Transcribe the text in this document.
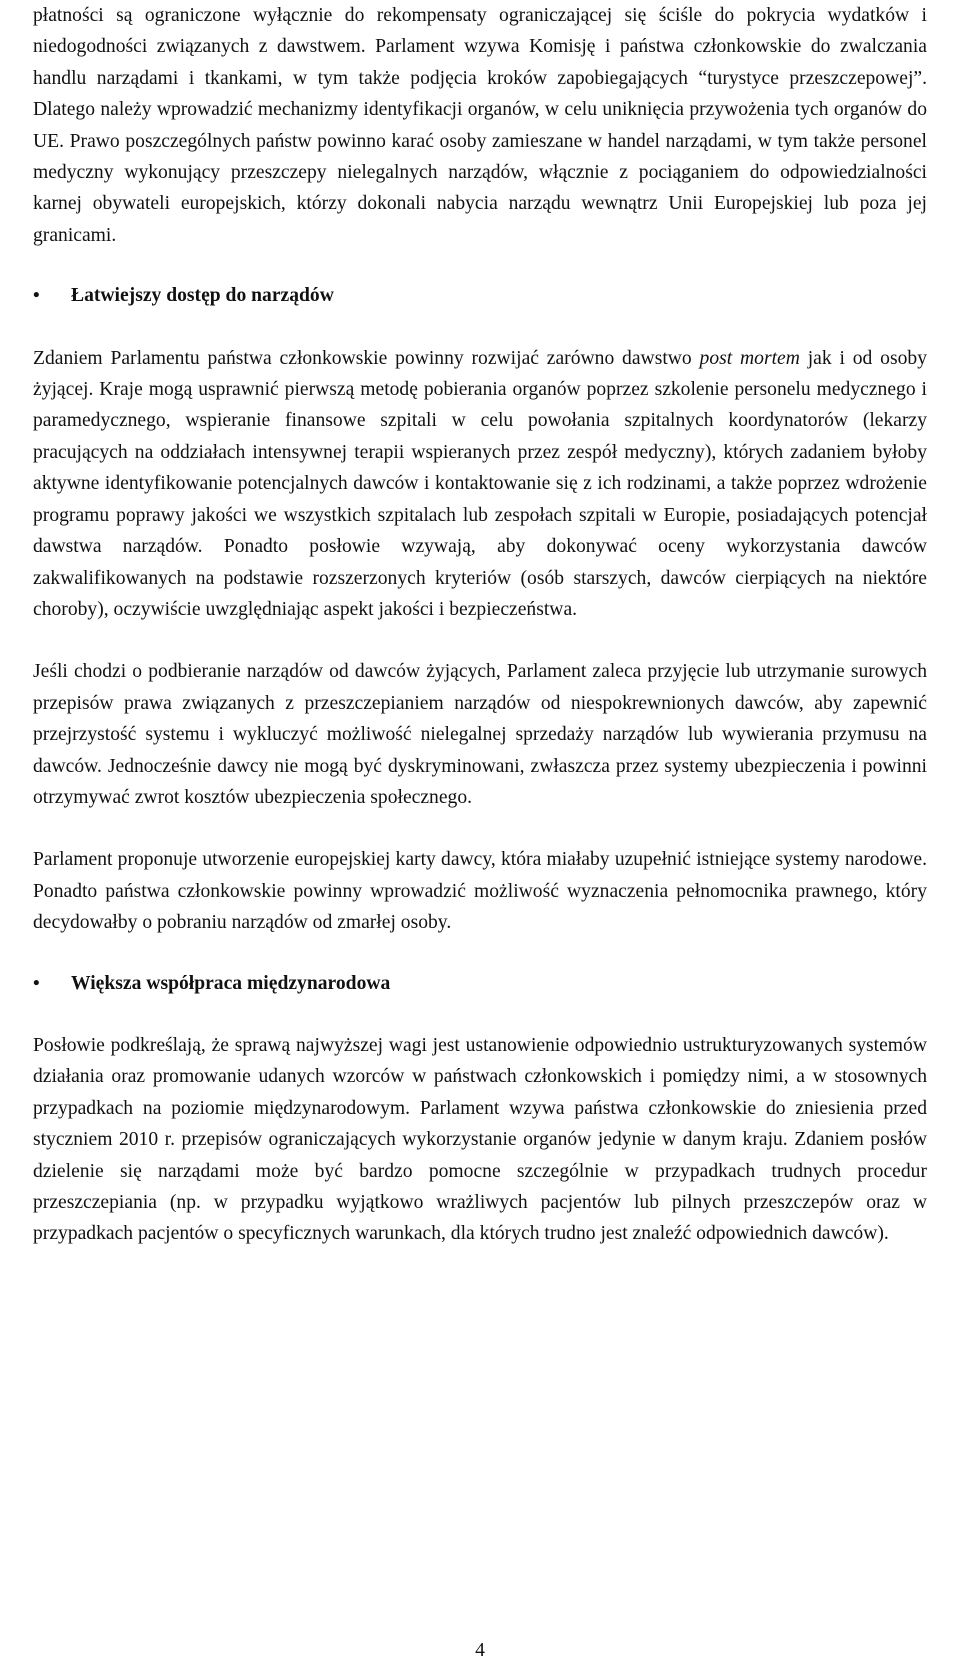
płatności są ograniczone wyłącznie do rekompensaty ograniczającej się ściśle do pokrycia wydatków i niedogodności związanych z dawstwem. Parlament wzywa Komisję i państwa członkowskie do zwalczania handlu narządami i tkankami, w tym także podjęcia kroków zapobiegających “turystyce przeszczepowej”. Dlatego należy wprowadzić mechanizmy identyfikacji organów, w celu uniknięcia przywożenia tych organów do UE. Prawo poszczególnych państw powinno karać osoby zamieszane w handel narządami, w tym także personel medyczny wykonujący przeszczepy nielegalnych narządów, włącznie z pociąganiem do odpowiedzialności karnej obywateli europejskich, którzy dokonali nabycia narządu wewnątrz Unii Europejskiej lub poza jej granicami.

•	Łatwiejszy dostęp do narządów

Zdaniem Parlamentu państwa członkowskie powinny rozwijać zarówno dawstwo post mortem jak i od osoby żyjącej. Kraje mogą usprawnić pierwszą metodę pobierania organów poprzez szkolenie personelu medycznego i paramedycznego, wspieranie finansowe szpitali w celu powołania szpitalnych koordynatorów (lekarzy pracujących na oddziałach intensywnej terapii wspieranych przez zespół medyczny), których zadaniem byłoby aktywne identyfikowanie potencjalnych dawców i kontaktowanie się z ich rodzinami, a także poprzez wdrożenie programu poprawy jakości we wszystkich szpitalach lub zespołach szpitali w Europie, posiadających potencjał dawstwa narządów. Ponadto posłowie wzywają, aby dokonywać oceny wykorzystania dawców zakwalifikowanych na podstawie rozszerzonych kryteriów (osób starszych, dawców cierpiących na niektóre choroby), oczywiście uwzględniając aspekt jakości i bezpieczeństwa.

Jeśli chodzi o podbieranie narządów od dawców żyjących, Parlament zaleca przyjęcie lub utrzymanie surowych przepisów prawa związanych z przeszczepianiem narządów od niespokrewnionych dawców, aby zapewnić przejrzystość systemu i wykluczyć możliwość nielegalnej sprzedaży narządów lub wywierania przymusu na dawców. Jednocześnie dawcy nie mogą być dyskryminowani, zwłaszcza przez systemy ubezpieczenia i powinni otrzymywać zwrot kosztów ubezpieczenia społecznego.

Parlament proponuje utworzenie europejskiej karty dawcy, która miałaby uzupełnić istniejące systemy narodowe. Ponadto państwa członkowskie powinny wprowadzić możliwość wyznaczenia pełnomocnika prawnego, który decydowałby o pobraniu narządów od zmarłej osoby.

•	Większa współpraca międzynarodowa

Posłowie podkreślają, że sprawą najwyższej wagi jest ustanowienie odpowiednio ustrukturyzowanych systemów działania oraz promowanie udanych wzorców w państwach członkowskich i pomiędzy nimi, a w stosownych przypadkach na poziomie międzynarodowym. Parlament wzywa państwa członkowskie do zniesienia przed styczniem 2010 r. przepisów ograniczających wykorzystanie organów jedynie w danym kraju. Zdaniem posłów dzielenie się narządami może być bardzo pomocne szczególnie w przypadkach trudnych procedur przeszczepiania (np. w przypadku wyjątkowo wrażliwych pacjentów lub pilnych przeszczepów oraz w przypadkach pacjentów o specyficznych warunkach, dla których trudno jest znaleźć odpowiednich dawców).

4
